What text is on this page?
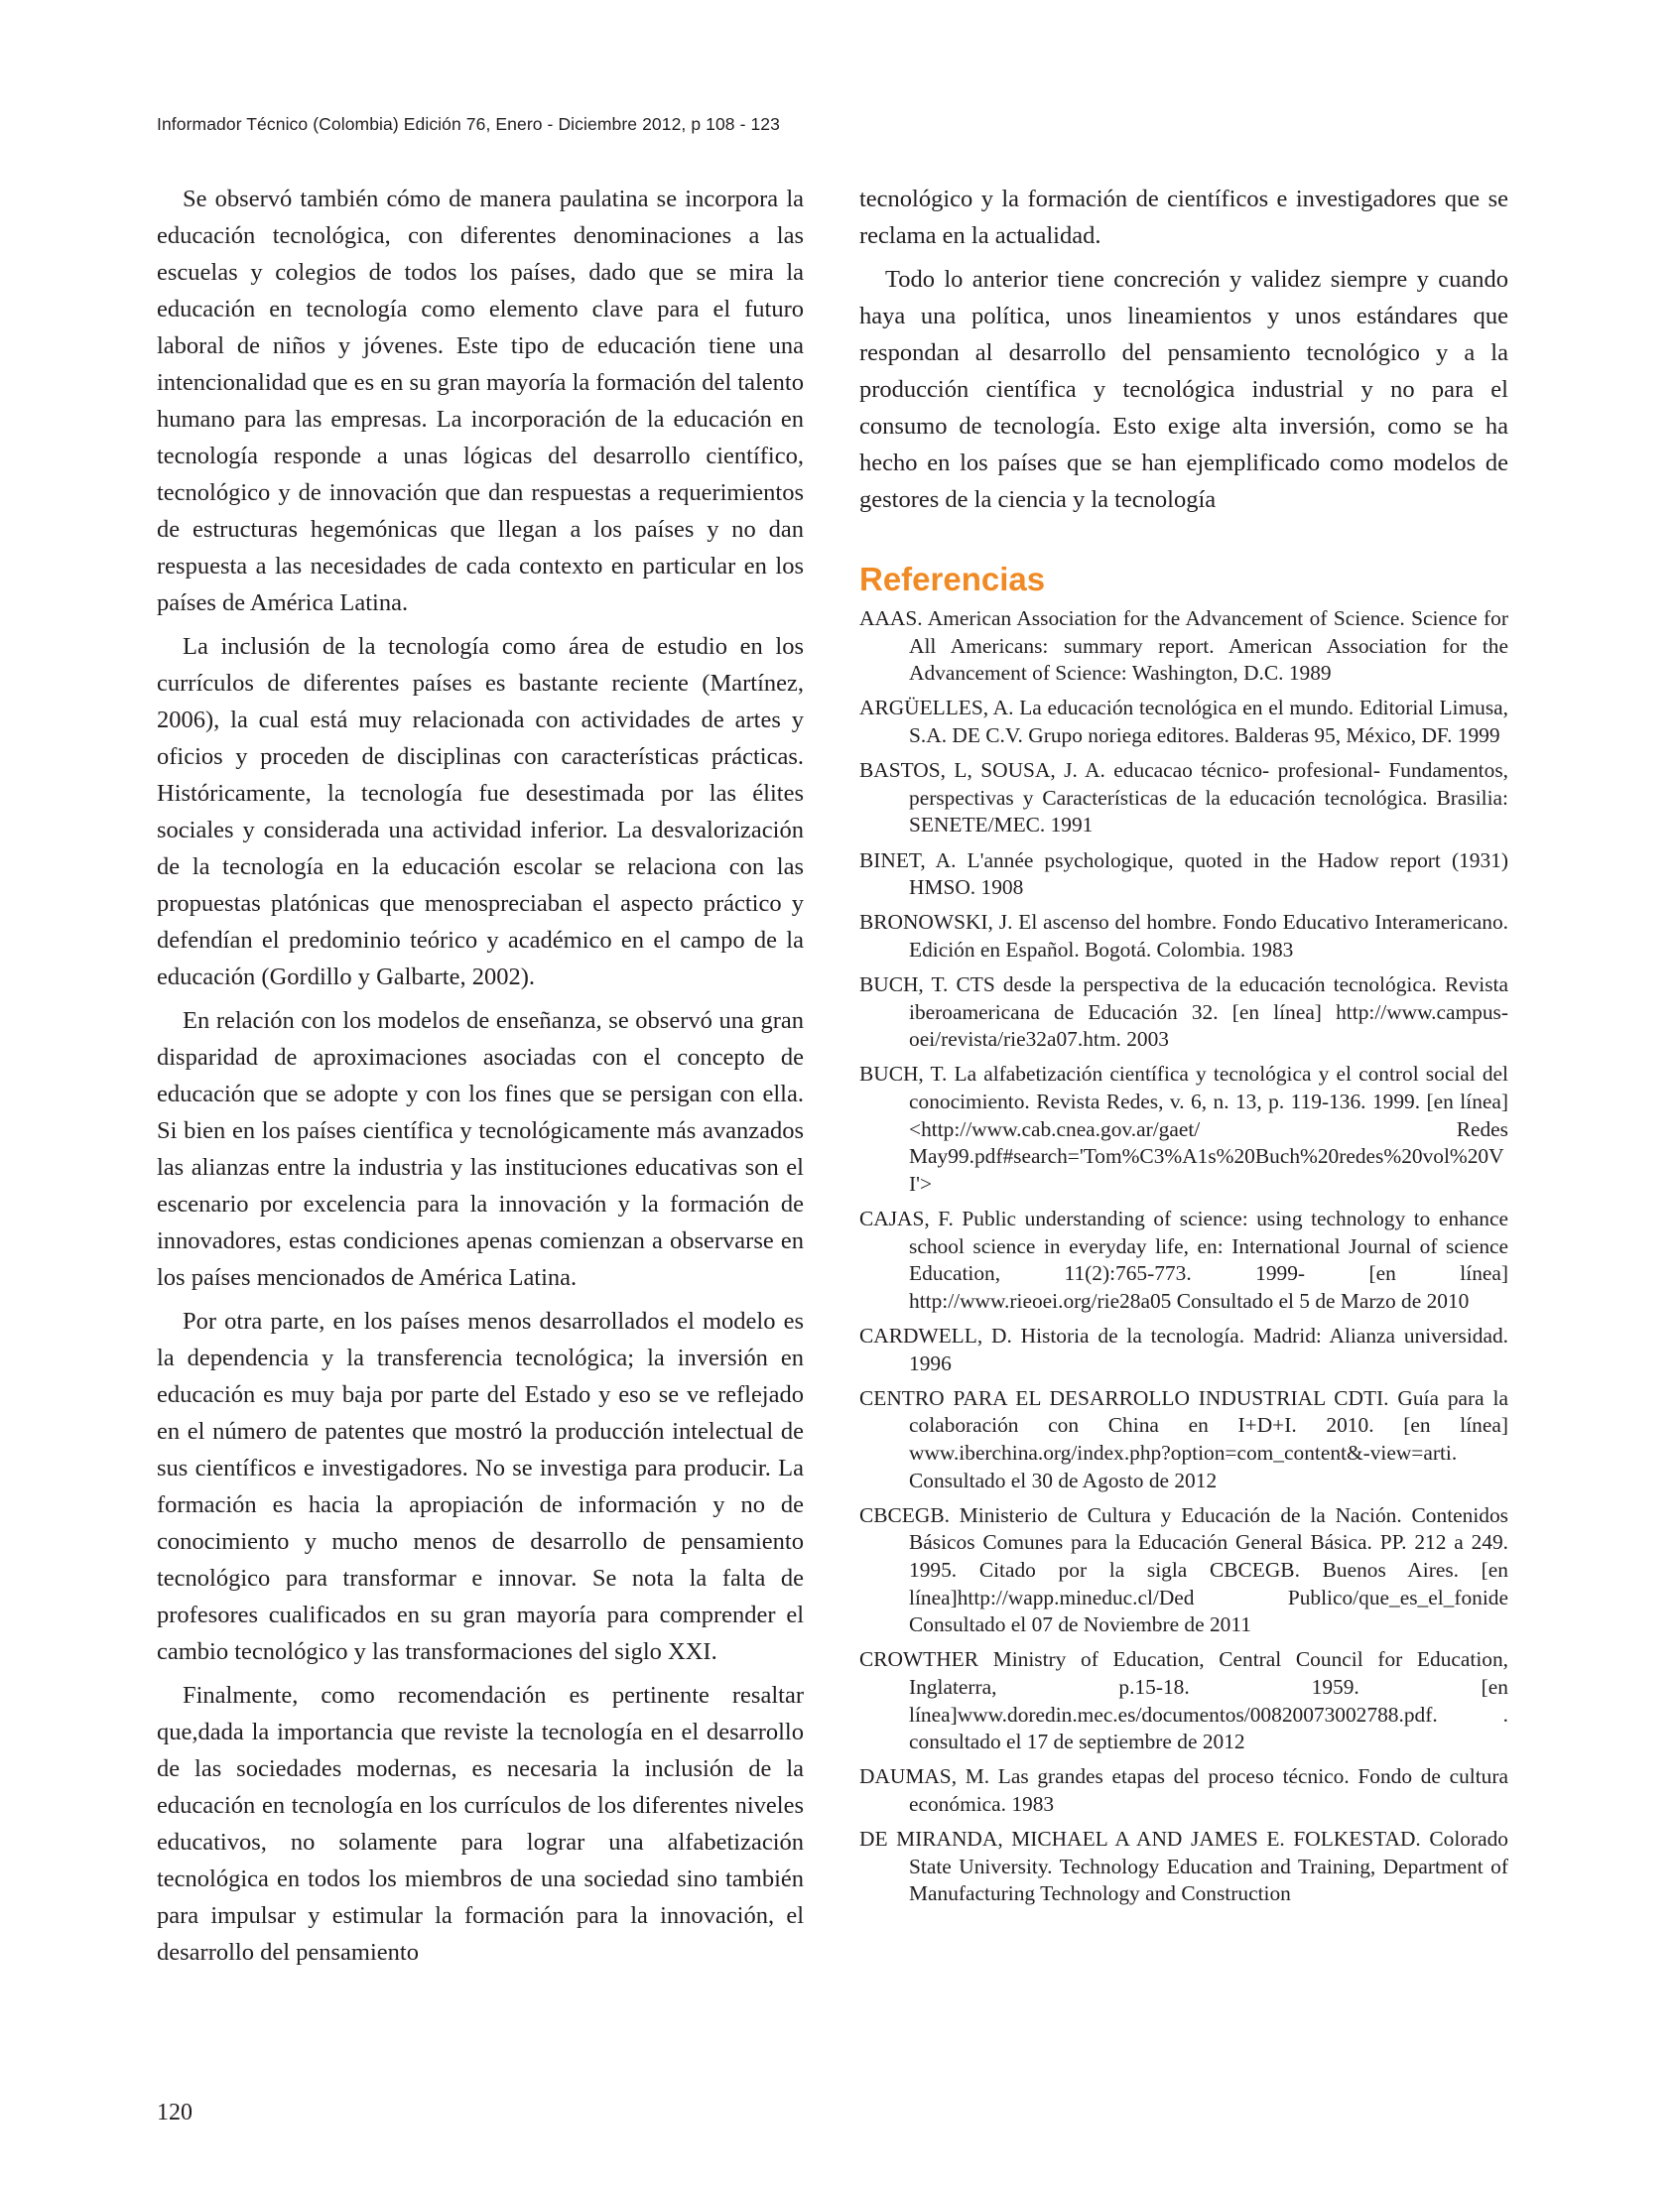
Informador Técnico (Colombia) Edición 76, Enero - Diciembre 2012, p 108 - 123

Se observó también cómo de manera paulatina se incorpora la educación tecnológica, con diferentes denominaciones a las escuelas y colegios de todos los países, dado que se mira la educación en tecnología como elemento clave para el futuro laboral de niños y jóvenes. Este tipo de educación tiene una intencionalidad que es en su gran mayoría la formación del talento humano para las empresas. La incorporación de la educación en tecnología responde a unas lógicas del desarrollo científico, tecnológico y de innovación que dan respuestas a requerimientos de estructuras hegemónicas que llegan a los países y no dan respuesta a las necesidades de cada contexto en particular en los países de América Latina.

La inclusión de la tecnología como área de estudio en los currículos de diferentes países es bastante reciente (Martínez, 2006), la cual está muy relacionada con actividades de artes y oficios y proceden de disciplinas con características prácticas. Históricamente, la tecnología fue desestimada por las élites sociales y considerada una actividad inferior. La desvalorización de la tecnología en la educación escolar se relaciona con las propuestas platónicas que menospreciaban el aspecto práctico y defendían el predominio teórico y académico en el campo de la educación (Gordillo y Galbarte, 2002).

En relación con los modelos de enseñanza, se observó una gran disparidad de aproximaciones asociadas con el concepto de educación que se adopte y con los fines que se persigan con ella. Si bien en los países científica y tecnológicamente más avanzados las alianzas entre la industria y las instituciones educativas son el escenario por excelencia para la innovación y la formación de innovadores, estas condiciones apenas comienzan a observarse en los países mencionados de América Latina.

Por otra parte, en los países menos desarrollados el modelo es la dependencia y la transferencia tecnológica; la inversión en educación es muy baja por parte del Estado y eso se ve reflejado en el número de patentes que mostró la producción intelectual de sus científicos e investigadores. No se investiga para producir. La formación es hacia la apropiación de información y no de conocimiento y mucho menos de desarrollo de pensamiento tecnológico para transformar e innovar. Se nota la falta de profesores cualificados en su gran mayoría para comprender el cambio tecnológico y las transformaciones del siglo XXI.

Finalmente, como recomendación es pertinente resaltar que,dada la importancia que reviste la tecnología en el desarrollo de las sociedades modernas, es necesaria la inclusión de la educación en tecnología en los currículos de los diferentes niveles educativos, no solamente para lograr una alfabetización tecnológica en todos los miembros de una sociedad sino también para impulsar y estimular la formación para la innovación, el desarrollo del pensamiento

tecnológico y la formación de científicos e investigadores que se reclama en la actualidad.

Todo lo anterior tiene concreción y validez siempre y cuando haya una política, unos lineamientos y unos estándares que respondan al desarrollo del pensamiento tecnológico y a la producción científica y tecnológica industrial y no para el consumo de tecnología. Esto exige alta inversión, como se ha hecho en los países que se han ejemplificado como modelos de gestores de la ciencia y la tecnología

Referencias
AAAS. American Association for the Advancement of Science. Science for All Americans: summary report. American Association for the Advancement of Science: Washington, D.C. 1989
ARGÜELLES, A. La educación tecnológica en el mundo. Editorial Limusa, S.A. DE C.V. Grupo noriega editores. Balderas 95, México, DF. 1999
BASTOS, L, SOUSA, J. A. educacao técnico- profesional- Fundamentos, perspectivas y Características de la educación tecnológica. Brasilia: SENETE/MEC. 1991
BINET, A. L'année psychologique, quoted in the Hadow report (1931) HMSO. 1908
BRONOWSKI, J. El ascenso del hombre. Fondo Educativo Interamericano. Edición en Español. Bogotá. Colombia. 1983
BUCH, T. CTS desde la perspectiva de la educación tecnológica. Revista iberoamericana de Educación 32. [en línea] http://www.campus-oei/revista/rie32a07.htm. 2003
BUCH, T. La alfabetización científica y tecnológica y el control social del conocimiento. Revista Redes, v. 6, n. 13, p. 119-136. 1999. [en línea] <http://www.cab.cnea.gov.ar/gaet/ Redes May99.pdf#search='Tom%C3%A1s%20Buch%20redes%20vol%20VI'>
CAJAS, F. Public understanding of science: using technology to enhance school science in everyday life, en: International Journal of science Education, 11(2):765-773. 1999- [en línea] http://www.rieoei.org/rie28a05 Consultado el 5 de Marzo de 2010
CARDWELL, D. Historia de la tecnología. Madrid: Alianza universidad. 1996
CENTRO PARA EL DESARROLLO INDUSTRIAL CDTI. Guía para la colaboración con China en I+D+I. 2010. [en línea] www.iberchina.org/index.php?option=com_content&-view=arti. Consultado el 30 de Agosto de 2012
CBCEGB. Ministerio de Cultura y Educación de la Nación. Contenidos Básicos Comunes para la Educación General Básica. PP. 212 a 249. 1995. Citado por la sigla CBCEGB. Buenos Aires. [en línea]http://wapp.mineduc.cl/Ded Publico/que_es_el_fonide Consultado el 07 de Noviembre de 2011
CROWTHER Ministry of Education, Central Council for Education, Inglaterra, p.15-18. 1959. [en línea]www.doredin.mec.es/documentos/00820073002788.pdf. . consultado el 17 de septiembre de 2012
DAUMAS, M. Las grandes etapas del proceso técnico. Fondo de cultura económica. 1983
DE MIRANDA, MICHAEL A AND JAMES E. FOLKESTAD. Colorado State University. Technology Education and Training, Department of Manufacturing Technology and Construction
120
